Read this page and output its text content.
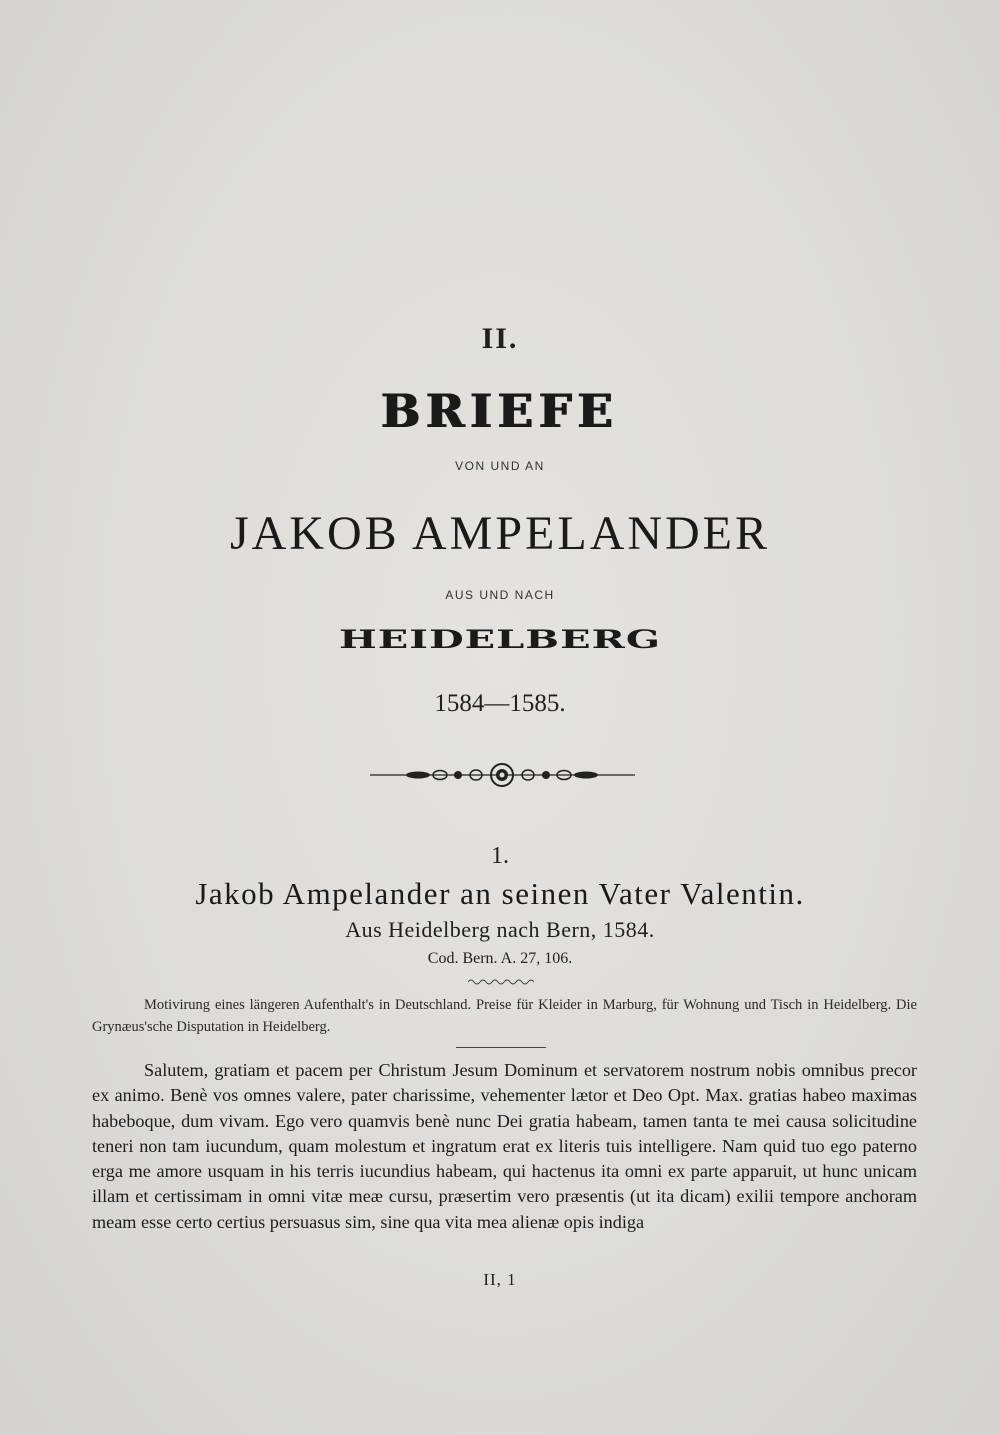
II.

BRIEFE

VON UND AN

JAKOB AMPELANDER

AUS UND NACH

HEIDELBERG

1584—1585.

1.

Jakob Ampelander an seinen Vater Valentin.

Aus Heidelberg nach Bern, 1584.

Cod. Bern. A. 27, 106.

Motivirung eines längeren Aufenthalt's in Deutschland. Preise für Kleider in Marburg, für Wohnung und Tisch in Heidelberg. Die Grynæus'sche Disputation in Heidelberg.

Salutem, gratiam et pacem per Christum Jesum Dominum et servatorem nostrum nobis omnibus precor ex animo. Benè vos omnes valere, pater charissime, vehementer lætor et Deo Opt. Max. gratias habeo maximas habeboque, dum vivam. Ego vero quamvis benè nunc Dei gratia habeam, tamen tanta te mei causa solicitudine teneri non tam iucundum, quam molestum et ingratum erat ex literis tuis intelligere. Nam quid tuo ego paterno erga me amore usquam in his terris iucundius habeam, qui hactenus ita omni ex parte apparuit, ut hunc unicam illam et certissimam in omni vitæ meæ cursu, præsertim vero præsentis (ut ita dicam) exilii tempore anchoram meam esse certo certius persuasus sim, sine qua vita mea alienæ opis indiga

II, 1
